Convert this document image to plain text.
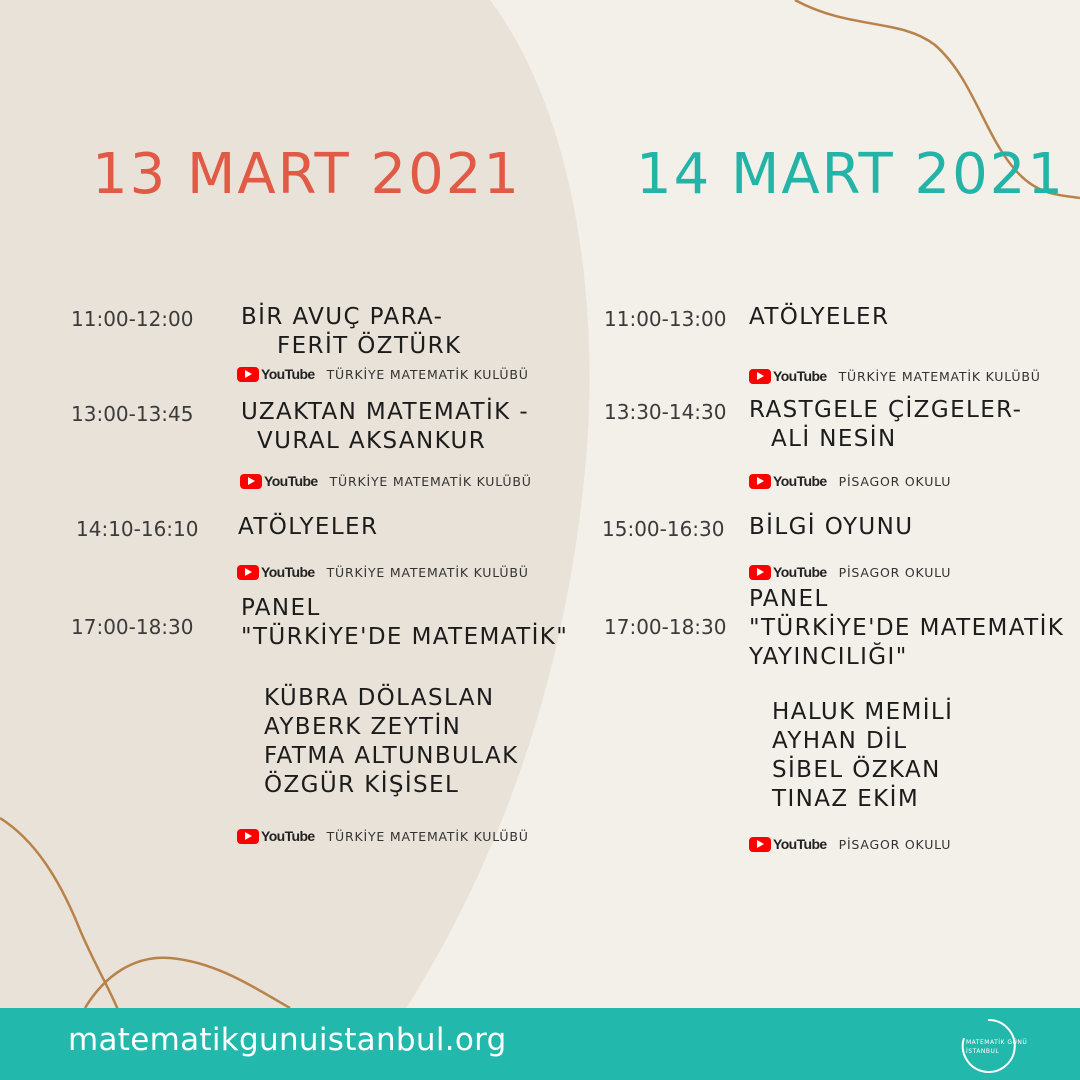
13 MART 2021
11:00-12:00 BİR AVUÇ PARA-
FERİT ÖZTÜRK
YouTube TÜRKİYE MATEMATİK KULÜBÜ
13:00-13:45 UZAKTAN MATEMATİK -
VURAL AKSANKUR
YouTube TÜRKİYE MATEMATİK KULÜBÜ
14:10-16:10 ATÖLYELER
YouTube TÜRKİYE MATEMATİK KULÜBÜ
17:00-18:30
PANEL
"TÜRKİYE'DE MATEMATİK"
KÜBRA DÖLASLAN
AYBERK ZEYTİN
FATMA ALTUNBULAK
ÖZGÜR KİŞİSEL
YouTube TÜRKİYE MATEMATİK KULÜBÜ
14 MART 2021
11:00-13:00 ATÖLYELER
YouTube TÜRKİYE MATEMATİK KULÜBÜ
13:30-14:30 RASTGELE ÇİZGELER-
ALİ NESİN
YouTube PİSAGOR OKULU
15:00-16:30 BİLGİ OYUNU
YouTube PİSAGOR OKULU
17:00-18:30
PANEL
"TÜRKİYE'DE MATEMATİK
YAYINCILIĞI"
HALUK MEMİLİ
AYHAN DİL
SİBEL ÖZKAN
TINAZ EKİM
YouTube PİSAGOR OKULU
matematikgunuistanbul.org	MATEMATİK GÜNÜ
İSTANBUL
